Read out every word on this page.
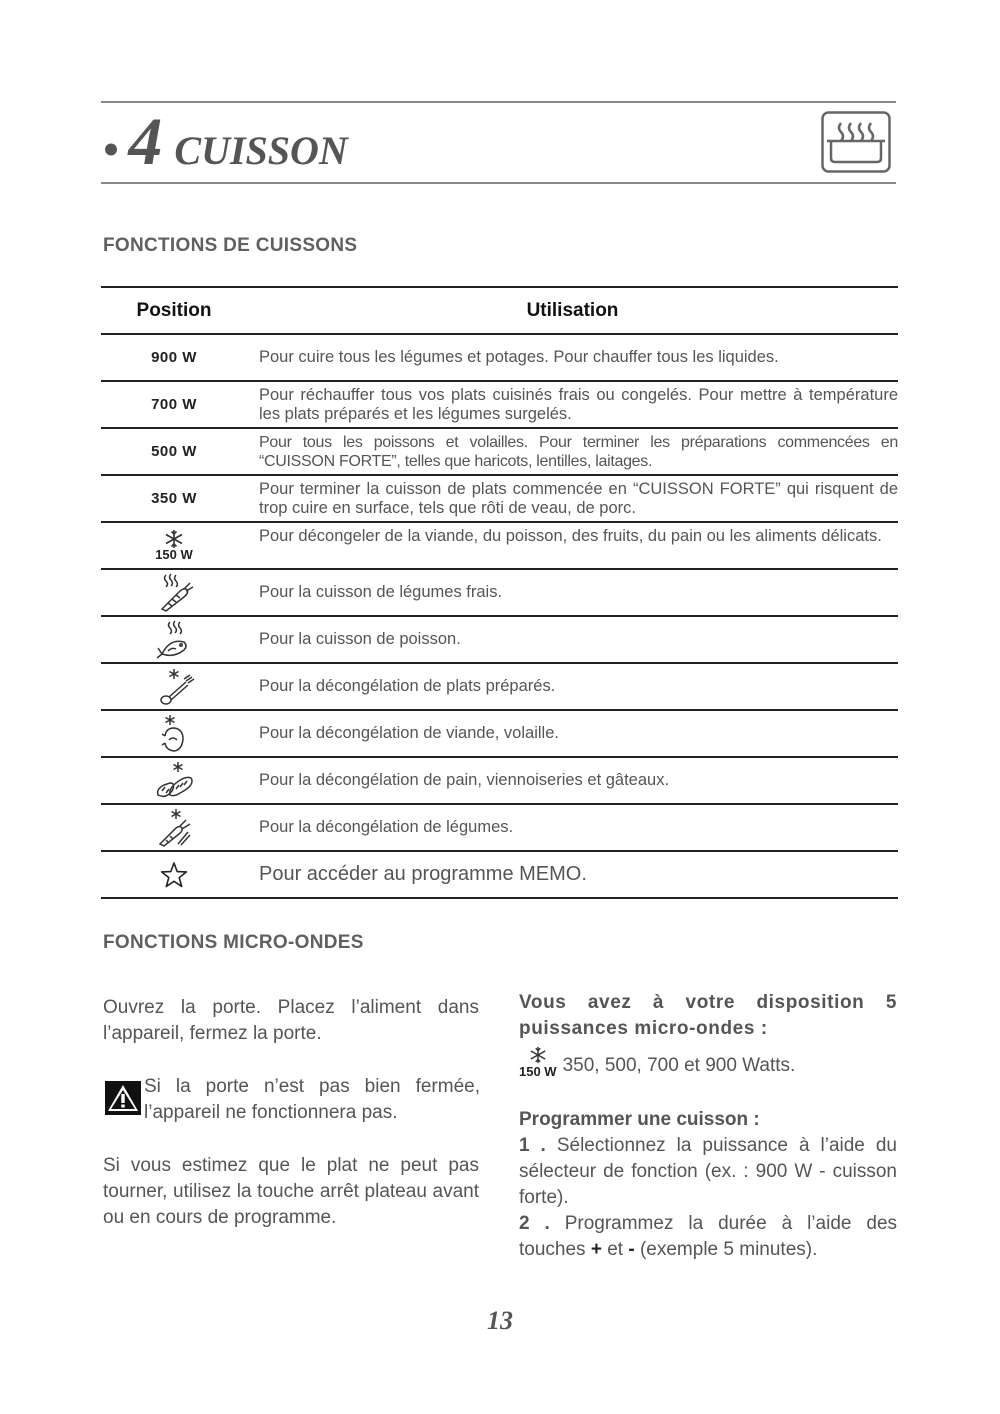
• 4 CUISSON
FONCTIONS DE CUISSONS
Position	Utilisation
900 W	Pour cuire tous les légumes et potages. Pour chauffer tous les liquides.
700 W
Pour réchauffer tous vos plats cuisinés frais ou congelés. Pour mettre à température les plats préparés et les légumes surgelés.
500 W
Pour tous les poissons et volailles. Pour terminer les préparations commencées en “CUISSON FORTE”, telles que haricots, lentilles, laitages.
350 W
Pour terminer la cuisson de plats commencée en “CUISSON FORTE” qui risquent de trop cuire en surface, tels que rôti de veau, de porc.
150 W
Pour décongeler de la viande, du poisson, des fruits, du pain ou les aliments délicats.
Pour la cuisson de légumes frais.
Pour la cuisson de poisson.
Pour la décongélation de plats préparés.
Pour la décongélation de viande, volaille.
Pour la décongélation de pain, viennoiseries et gâteaux.
Pour la décongélation de légumes.
Pour accéder au programme MEMO.
FONCTIONS MICRO-ONDES

Ouvrez la porte. Placez l’aliment dans l’appareil, fermez la porte.

Si la porte n’est pas bien fermée, l’appareil ne fonctionnera pas.

Si vous estimez que le plat ne peut pas tourner, utilisez la touche arrêt plateau avant ou en cours de programme.

Vous avez à votre disposition 5 puissances micro-ondes :

150 W 350, 500, 700 et 900 Watts.

Programmer une cuisson :

1 . Sélectionnez la puissance à l’aide du sélecteur de fonction (ex. : 900 W - cuisson forte).

2 . Programmez la durée à l’aide des touches + et - (exemple 5 minutes).

13
